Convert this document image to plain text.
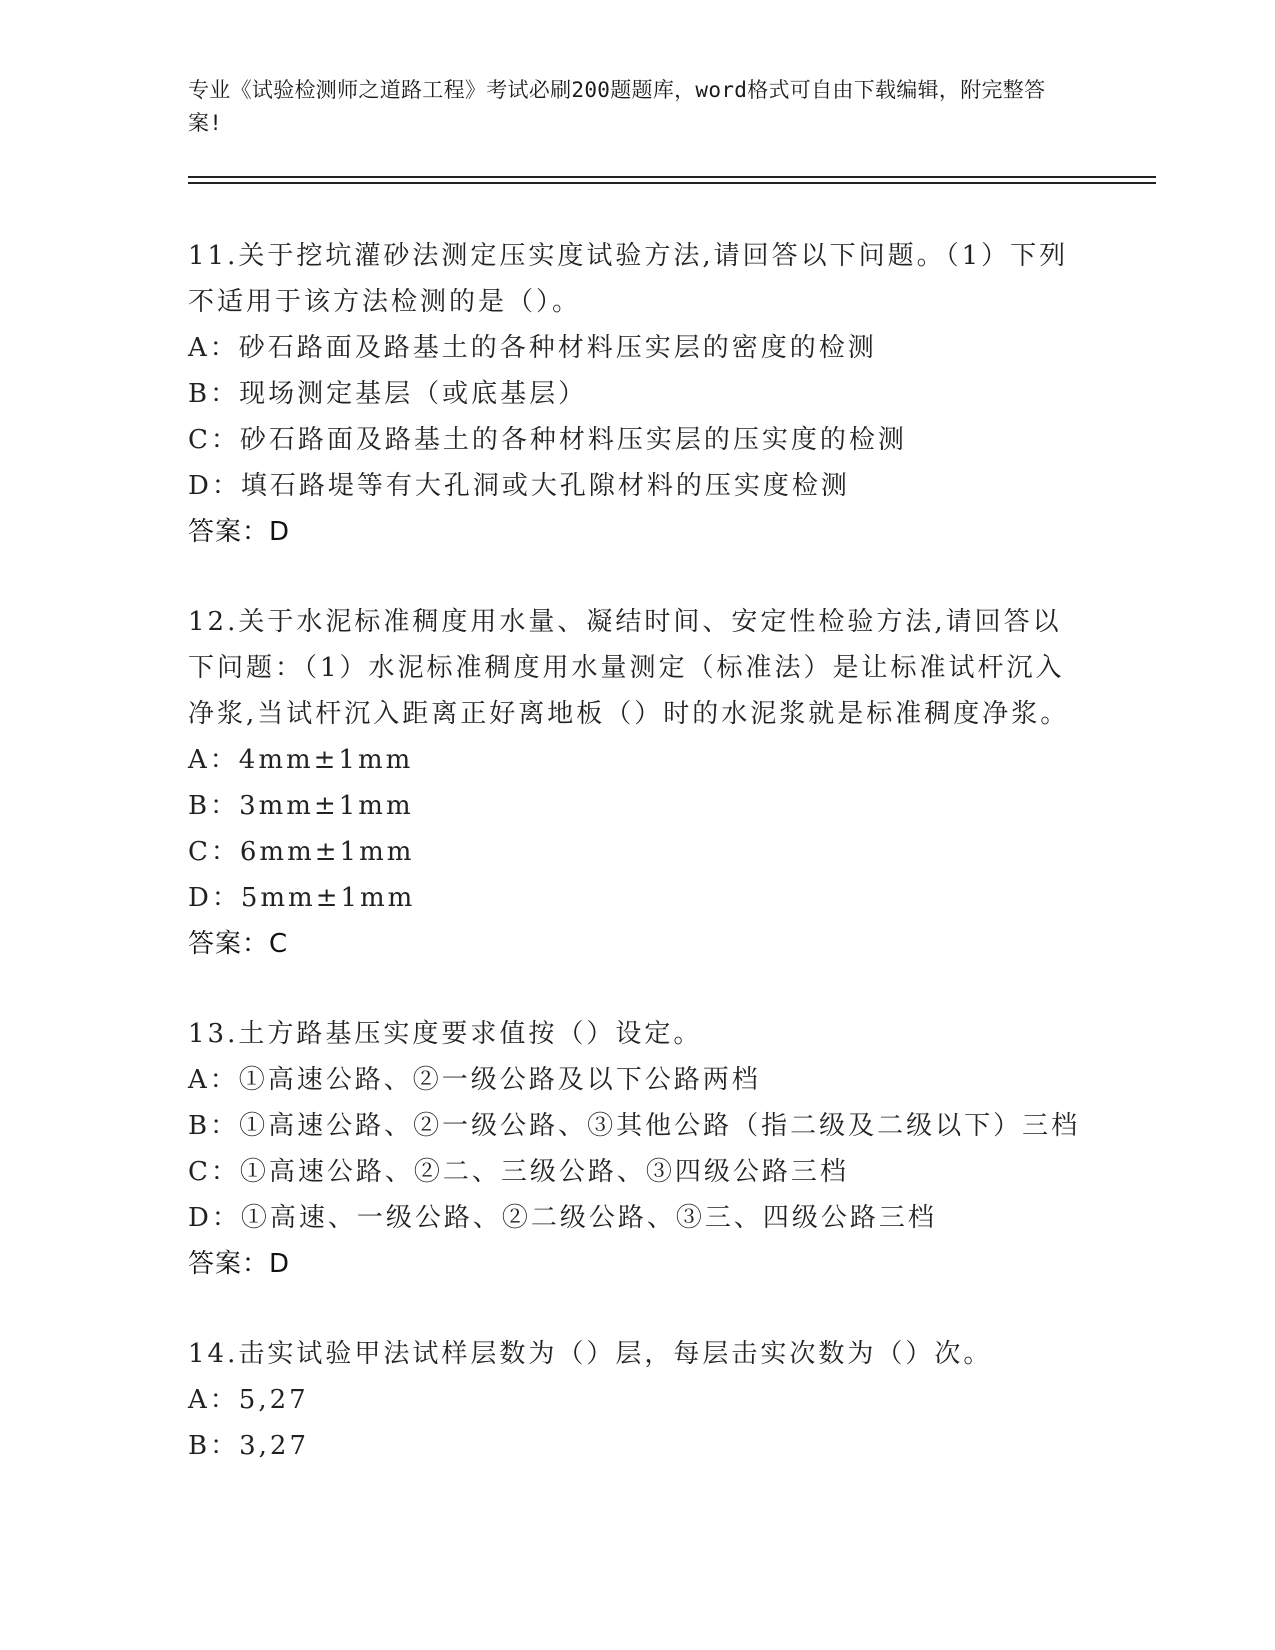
专业《试验检测师之道路工程》考试必刷200题题库，word格式可自由下载编辑，附完整答案!

11.关于挖坑灌砂法测定压实度试验方法,请回答以下问题。（1）下列不适用于该方法检测的是（）。

A：砂石路面及路基土的各种材料压实层的密度的检测

B：现场测定基层（或底基层）

C：砂石路面及路基土的各种材料压实层的压实度的检测

D：填石路堤等有大孔洞或大孔隙材料的压实度检测

答案：D

12.关于水泥标准稠度用水量、凝结时间、安定性检验方法,请回答以下问题：（1）水泥标准稠度用水量测定（标准法）是让标准试杆沉入净浆,当试杆沉入距离正好离地板（）时的水泥浆就是标准稠度净浆。

A：4mm±1mm

B：3mm±1mm

C：6mm±1mm

D：5mm±1mm

答案：C

13.土方路基压实度要求值按（）设定。

A：①高速公路、②一级公路及以下公路两档

B：①高速公路、②一级公路、③其他公路（指二级及二级以下）三档

C：①高速公路、②二、三级公路、③四级公路三档

D：①高速、一级公路、②二级公路、③三、四级公路三档

答案：D

14.击实试验甲法试样层数为（）层，每层击实次数为（）次。

A：5,27

B：3,27
